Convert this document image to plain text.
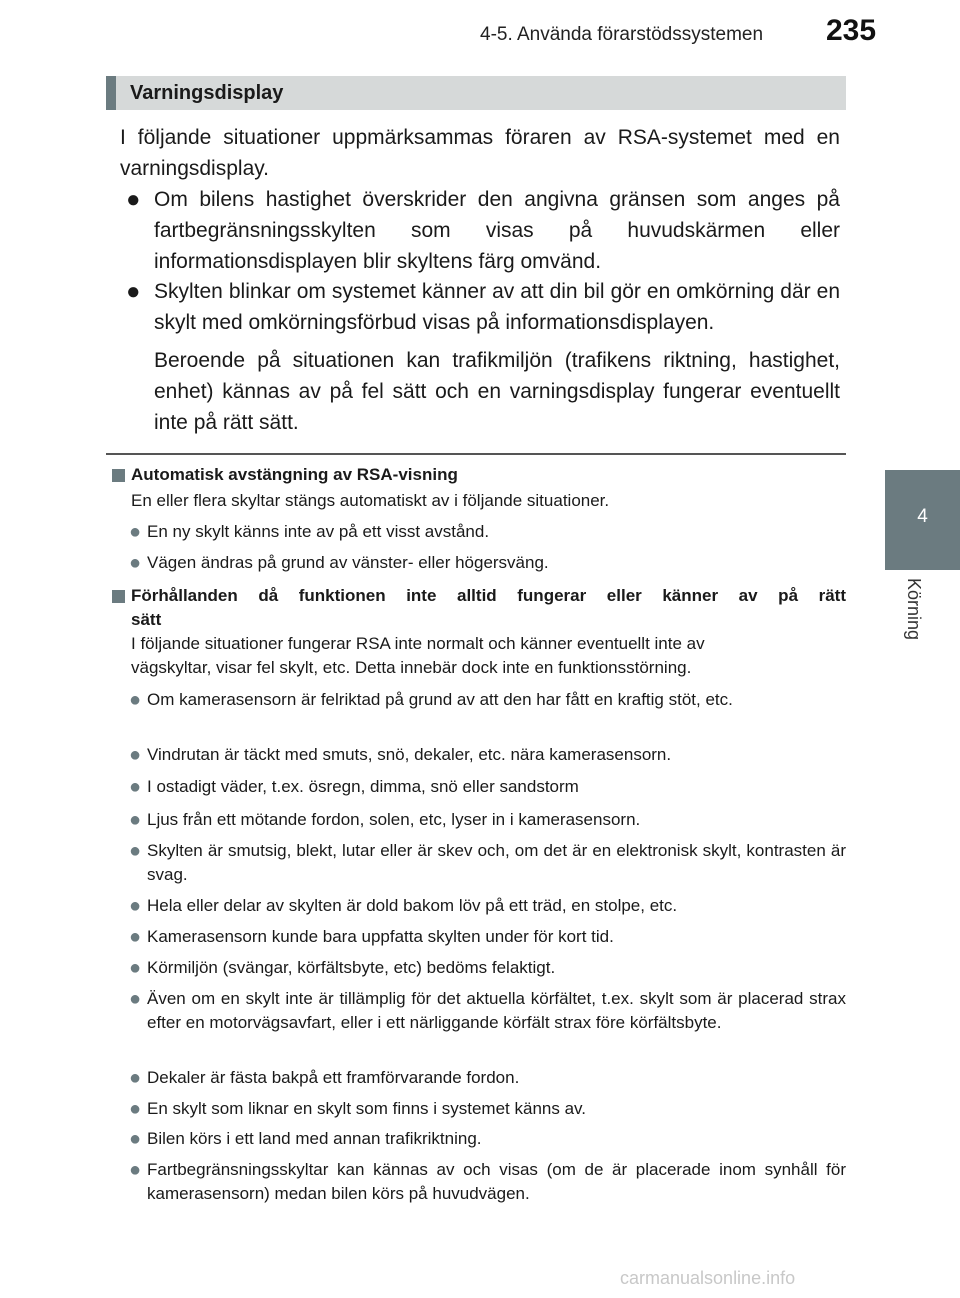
4-5. Använda förarstödssystemen 235
4
Körning
Varningsdisplay
I följande situationer uppmärksammas föraren av RSA-systemet med en varningsdisplay.
● Om bilens hastighet överskrider den angivna gränsen som anges på fartbegränsningsskylten som visas på huvudskärmen eller informationsdisplayen blir skyltens färg omvänd.
● Skylten blinkar om systemet känner av att din bil gör en omkörning där en skylt med omkörningsförbud visas på informationsdisplayen.
Beroende på situationen kan trafikmiljön (trafikens riktning, hastighet, enhet) kännas av på fel sätt och en varningsdisplay fungerar eventuellt inte på rätt sätt.
Automatisk avstängning av RSA-visning
En eller flera skyltar stängs automatiskt av i följande situationer.
● En ny skylt känns inte av på ett visst avstånd.
● Vägen ändras på grund av vänster- eller högersväng.
Förhållanden då funktionen inte alltid fungerar eller känner av på rätt
sätt
I följande situationer fungerar RSA inte normalt och känner eventuellt inte av
vägskyltar, visar fel skylt, etc. Detta innebär dock inte en funktionsstörning.
● Om kamerasensorn är felriktad på grund av att den har fått en kraftig stöt, etc.
● Vindrutan är täckt med smuts, snö, dekaler, etc. nära kamerasensorn.
● I ostadigt väder, t.ex. ösregn, dimma, snö eller sandstorm
● Ljus från ett mötande fordon, solen, etc, lyser in i kamerasensorn.
● Skylten är smutsig, blekt, lutar eller är skev och, om det är en elektronisk skylt, kontrasten är svag.
● Hela eller delar av skylten är dold bakom löv på ett träd, en stolpe, etc.
● Kamerasensorn kunde bara uppfatta skylten under för kort tid.
● Körmiljön (svängar, körfältsbyte, etc) bedöms felaktigt.
● Även om en skylt inte är tillämplig för det aktuella körfältet, t.ex. skylt som är placerad strax efter en motorvägsavfart, eller i ett närliggande körfält strax före körfältsbyte.
● Dekaler är fästa bakpå ett framförvarande fordon.
● En skylt som liknar en skylt som finns i systemet känns av.
● Bilen körs i ett land med annan trafikriktning.
● Fartbegränsningsskyltar kan kännas av och visas (om de är placerade inom synhåll för kamerasensorn) medan bilen körs på huvudvägen.
carmanualsonline.info
